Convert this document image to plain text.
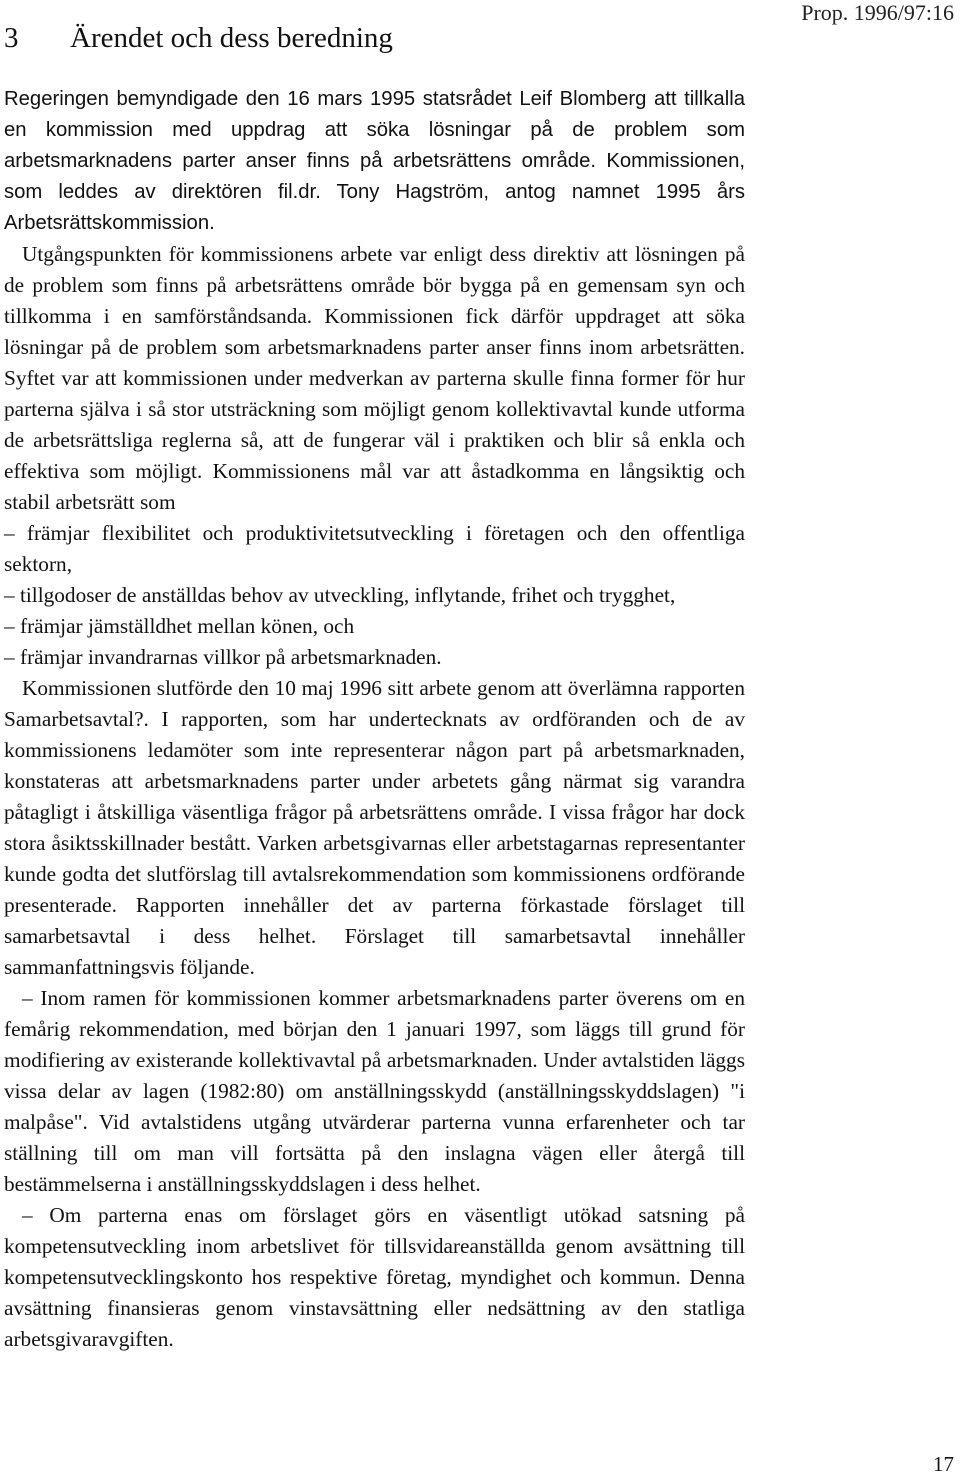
3 Ärendet och dess beredning
Prop. 1996/97:16

Regeringen bemyndigade den 16 mars 1995 statsrådet Leif Blomberg att tillkalla en kommission med uppdrag att söka lösningar på de problem som arbetsmarknadens parter anser finns på arbetsrättens område. Kommissionen, som leddes av direktören fil.dr. Tony Hagström, antog namnet 1995 års Arbetsrättskommission.

Utgångspunkten för kommissionens arbete var enligt dess direktiv att lösningen på de problem som finns på arbetsrättens område bör bygga på en gemensam syn och tillkomma i en samförståndsanda. Kommissionen fick därför uppdraget att söka lösningar på de problem som arbetsmarknadens parter anser finns inom arbetsrätten. Syftet var att kommissionen under medverkan av parterna skulle finna former för hur parterna själva i så stor utsträckning som möjligt genom kollektivavtal kunde utforma de arbetsrättsliga reglerna så, att de fungerar väl i praktiken och blir så enkla och effektiva som möjligt. Kommissionens mål var att åstadkomma en långsiktig och stabil arbetsrätt som

– främjar flexibilitet och produktivitetsutveckling i företagen och den offentliga sektorn,

– tillgodoser de anställdas behov av utveckling, inflytande, frihet och trygghet,

– främjar jämställdhet mellan könen, och

– främjar invandrarnas villkor på arbetsmarknaden.

Kommissionen slutförde den 10 maj 1996 sitt arbete genom att överlämna rapporten Samarbetsavtal?. I rapporten, som har undertecknats av ordföranden och de av kommissionens ledamöter som inte representerar någon part på arbetsmarknaden, konstateras att arbetsmarknadens parter under arbetets gång närmat sig varandra påtagligt i åtskilliga väsentliga frågor på arbetsrättens område. I vissa frågor har dock stora åsiktsskillnader bestått. Varken arbetsgivarnas eller arbetstagarnas representanter kunde godta det slutförslag till avtalsrekommendation som kommissionens ordförande presenterade. Rapporten innehåller det av parterna förkastade förslaget till samarbetsavtal i dess helhet. Förslaget till samarbetsavtal innehåller sammanfattningsvis följande.

– Inom ramen för kommissionen kommer arbetsmarknadens parter överens om en femårig rekommendation, med början den 1 januari 1997, som läggs till grund för modifiering av existerande kollektivavtal på arbetsmarknaden. Under avtalstiden läggs vissa delar av lagen (1982:80) om anställningsskydd (anställningsskyddslagen) "i malpåse". Vid avtalstidens utgång utvärderar parterna vunna erfarenheter och tar ställning till om man vill fortsätta på den inslagna vägen eller återgå till bestämmelserna i anställningsskyddslagen i dess helhet.

– Om parterna enas om förslaget görs en väsentligt utökad satsning på kompetensutveckling inom arbetslivet för tillsvidareanställda genom avsättning till kompetensutvecklingskonto hos respektive företag, myndighet och kommun. Denna avsättning finansieras genom vinstavsättning eller nedsättning av den statliga arbetsgivaravgiften.

17
